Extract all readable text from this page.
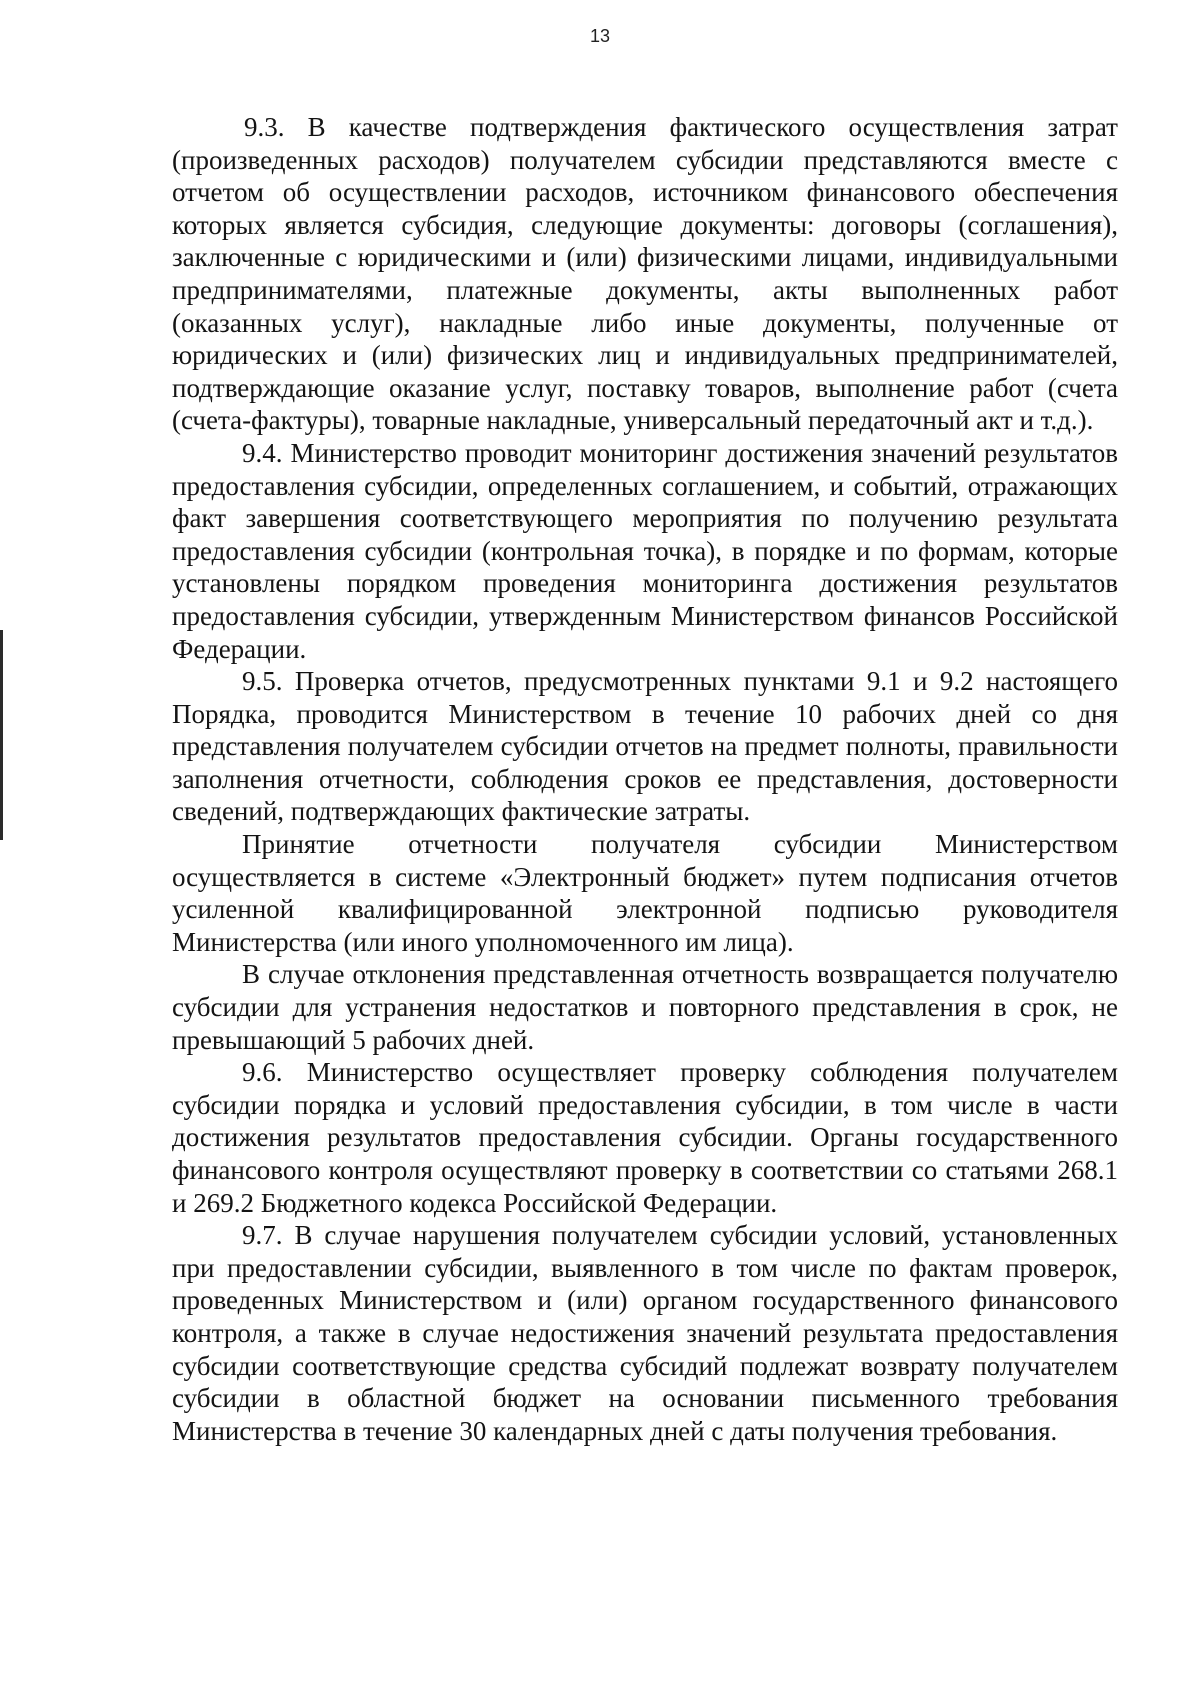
13

9.3. В качестве подтверждения фактического осуществления затрат (произведенных расходов) получателем субсидии представляются вместе с отчетом об осуществлении расходов, источником финансового обеспечения которых является субсидия, следующие документы: договоры (соглашения), заключенные с юридическими и (или) физическими лицами, индивидуальными предпринимателями, платежные документы, акты выполненных работ (оказанных услуг), накладные либо иные документы, полученные от юридических и (или) физических лиц и индивидуальных предпринимателей, подтверждающие оказание услуг, поставку товаров, выполнение работ (счета (счета-фактуры), товарные накладные, универсальный передаточный акт и т.д.).

9.4. Министерство проводит мониторинг достижения значений результатов предоставления субсидии, определенных соглашением, и событий, отражающих факт завершения соответствующего мероприятия по получению результата предоставления субсидии (контрольная точка), в порядке и по формам, которые установлены порядком проведения мониторинга достижения результатов предоставления субсидии, утвержденным Министерством финансов Российской Федерации.

9.5. Проверка отчетов, предусмотренных пунктами 9.1 и 9.2 настоящего Порядка, проводится Министерством в течение 10 рабочих дней со дня представления получателем субсидии отчетов на предмет полноты, правильности заполнения отчетности, соблюдения сроков ее представления, достоверности сведений, подтверждающих фактические затраты.

Принятие отчетности получателя субсидии Министерством осуществляется в системе «Электронный бюджет» путем подписания отчетов усиленной квалифицированной электронной подписью руководителя Министерства (или иного уполномоченного им лица).

В случае отклонения представленная отчетность возвращается получателю субсидии для устранения недостатков и повторного представления в срок, не превышающий 5 рабочих дней.

9.6. Министерство осуществляет проверку соблюдения получателем субсидии порядка и условий предоставления субсидии, в том числе в части достижения результатов предоставления субсидии. Органы государственного финансового контроля осуществляют проверку в соответствии со статьями 268.1 и 269.2 Бюджетного кодекса Российской Федерации.

9.7. В случае нарушения получателем субсидии условий, установленных при предоставлении субсидии, выявленного в том числе по фактам проверок, проведенных Министерством и (или) органом государственного финансового контроля, а также в случае недостижения значений результата предоставления субсидии соответствующие средства субсидий подлежат возврату получателем субсидии в областной бюджет на основании письменного требования Министерства в течение 30 календарных дней с даты получения требования.
